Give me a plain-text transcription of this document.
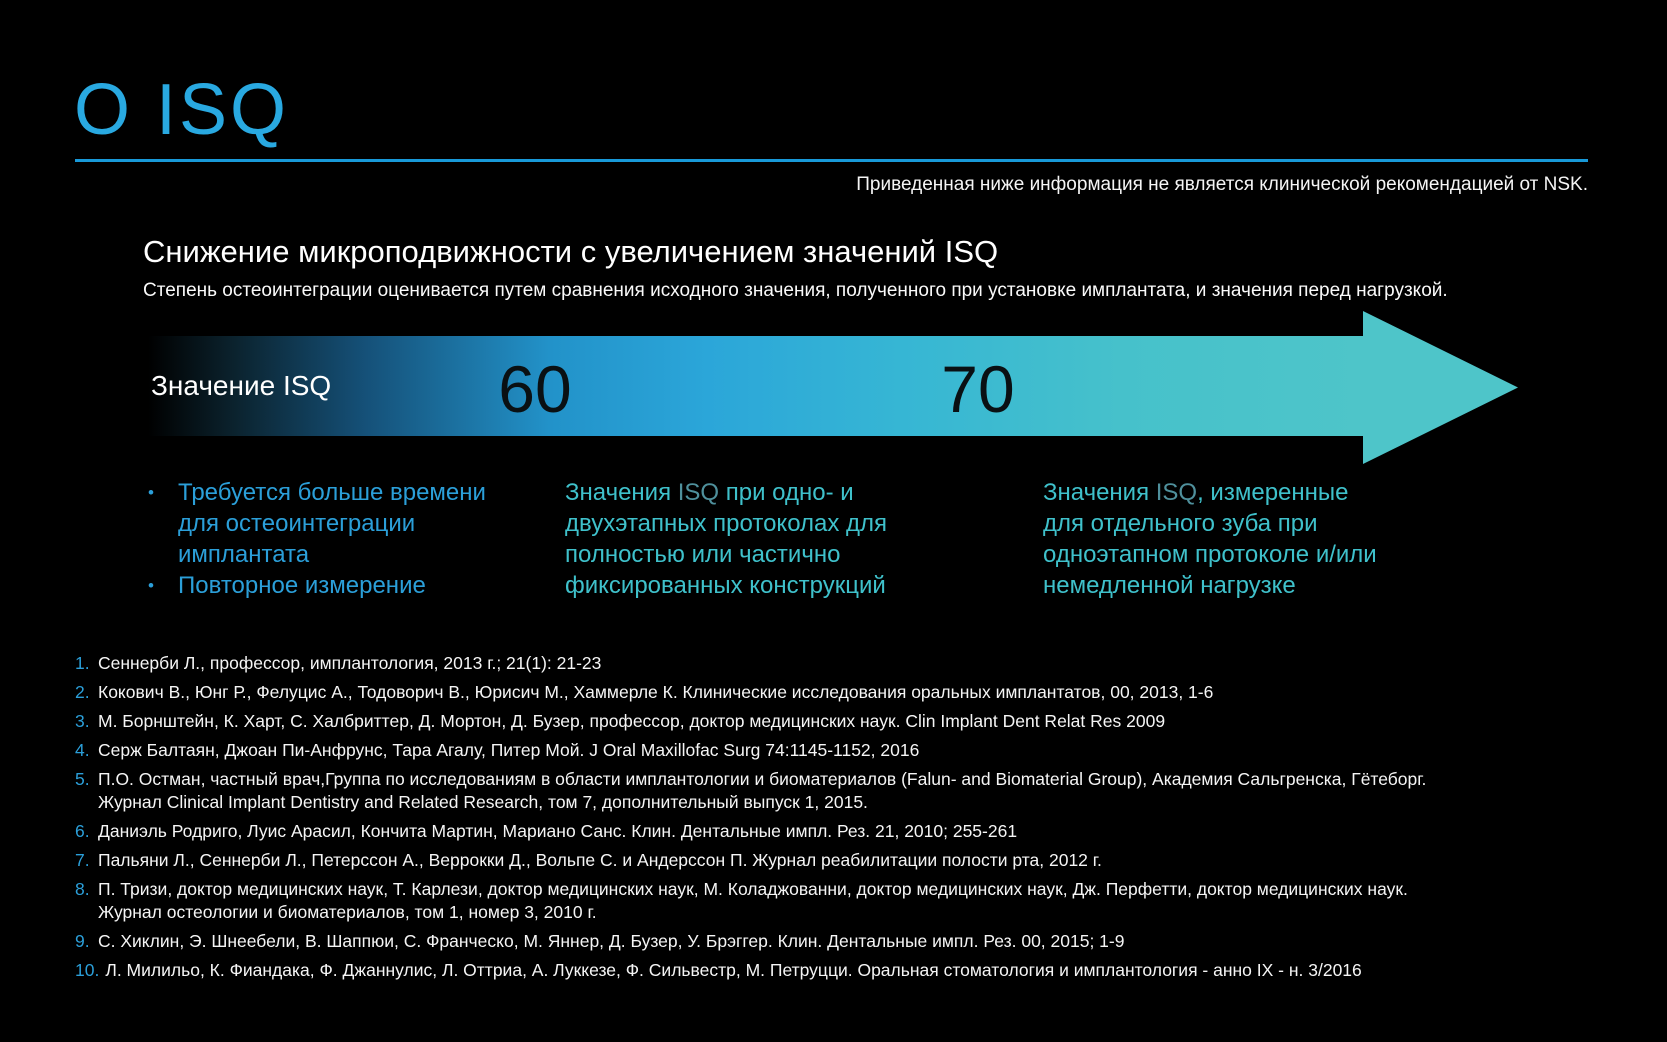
О ISQ
Приведенная ниже информация не является клинической рекомендацией от NSK.
Снижение микроподвижности с увеличением значений ISQ
Степень остеоинтеграции оценивается путем сравнения исходного значения, полученного при установке имплантата, и значения перед нагрузкой.
Значение ISQ	60	70
•	Требуется больше времени для остеоинтеграции имплантата
•	Повторное измерение
Значения ISQ при одно- и двухэтапных протоколах для полностью или частично фиксированных конструкций
Значения ISQ, измеренные для отдельного зуба при одноэтапном протоколе и/или немедленной нагрузке
1. Сеннерби Л., профессор, имплантология, 2013 г.; 21(1): 21-23
2. Кокович В., Юнг Р., Фелуцис А., Тодоворич В., Юрисич М., Хаммерле К. Клинические исследования оральных имплантатов, 00, 2013, 1-6
3. М. Борнштейн, К. Харт, С. Халбриттер, Д. Мортон, Д. Бузер, профессор, доктор медицинских наук. Clin Implant Dent Relat Res 2009
4. Серж Балтаян, Джоан Пи-Анфрунс, Тара Агалу, Питер Мой. J Oral Maxillofac Surg 74:1145-1152, 2016
5. П.О. Остман, частный врач,Группа по исследованиям в области имплантологии и биоматериалов (Falun- and Biomaterial Group), Академия Сальгренска, Гётеборг. Журнал Clinical Implant Dentistry and Related Research, том 7, дополнительный выпуск 1, 2015.
6. Даниэль Родриго, Луис Арасил, Кончита Мартин, Мариано Санс. Клин. Дентальные импл. Рез. 21, 2010; 255-261
7. Пальяни Л., Сеннерби Л., Петерссон А., Веррокки Д., Вольпе С. и Андерссон П. Журнал реабилитации полости рта, 2012 г.
8. П. Тризи, доктор медицинских наук, Т. Карлези, доктор медицинских наук, М. Коладжованни, доктор медицинских наук, Дж. Перфетти, доктор медицинских наук. Журнал остеологии и биоматериалов, том 1, номер 3, 2010 г.
9. С. Хиклин, Э. Шнеебели, В. Шаппюи, С. Франческо, М. Яннер, Д. Бузер, У. Брэггер. Клин. Дентальные импл. Рез. 00, 2015; 1-9
10. Л. Милильо, К. Фиандака, Ф. Джаннулис, Л. Оттриа, А. Луккезе, Ф. Сильвестр, М. Петруцци. Оральная стоматология и имплантология - анно IX - н. 3/2016
